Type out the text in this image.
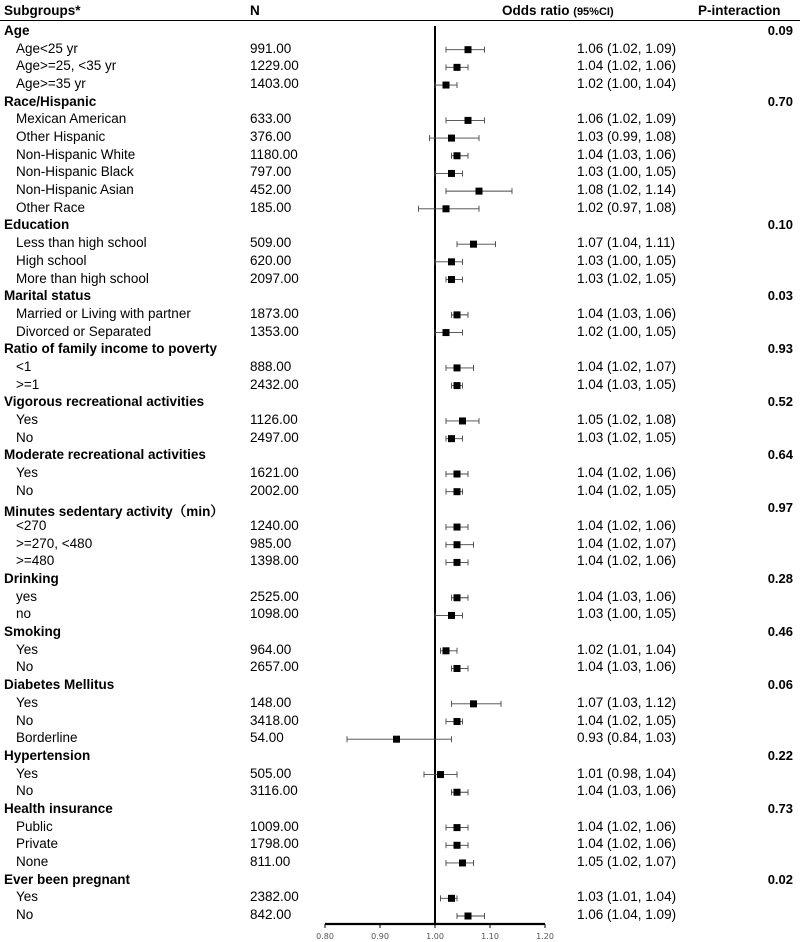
Subgroups*	N	Odds ratio (95%CI)	P-interaction
Age	0.09
Age<25 yr	991.00	1.06 (1.02, 1.09)
Age>=25, <35 yr	1229.00	1.04 (1.02, 1.06)
Age>=35 yr	1403.00	1.02 (1.00, 1.04)
Race/Hispanic	0.70
Mexican American	633.00	1.06 (1.02, 1.09)
Other Hispanic	376.00	1.03 (0.99, 1.08)
Non-Hispanic White	1180.00	1.04 (1.03, 1.06)
Non-Hispanic Black	797.00	1.03 (1.00, 1.05)
Non-Hispanic Asian	452.00	1.08 (1.02, 1.14)
Other Race	185.00	1.02 (0.97, 1.08)
Education	0.10
Less than high school	509.00	1.07 (1.04, 1.11)
High school	620.00	1.03 (1.00, 1.05)
More than high school	2097.00	1.03 (1.02, 1.05)
Marital status	0.03
Married or Living with partner	1873.00	1.04 (1.03, 1.06)
Divorced or Separated	1353.00	1.02 (1.00, 1.05)
Ratio of family income to poverty	0.93
<1	888.00	1.04 (1.02, 1.07)
>=1	2432.00	1.04 (1.03, 1.05)
Vigorous recreational activities	0.52
Yes	1126.00	1.05 (1.02, 1.08)
No	2497.00	1.03 (1.02, 1.05)
Moderate recreational activities	0.64
Yes	1621.00	1.04 (1.02, 1.06)
No	2002.00	1.04 (1.02, 1.05)
Minutes sedentary activity（min）	0.97
<270	1240.00	1.04 (1.02, 1.06)
>=270, <480	985.00	1.04 (1.02, 1.07)
>=480	1398.00	1.04 (1.02, 1.06)
Drinking	0.28
yes	2525.00	1.04 (1.03, 1.06)
no	1098.00	1.03 (1.00, 1.05)
Smoking	0.46
Yes	964.00	1.02 (1.01, 1.04)
No	2657.00	1.04 (1.03, 1.06)
Diabetes Mellitus	0.06
Yes	148.00	1.07 (1.03, 1.12)
No	3418.00	1.04 (1.02, 1.05)
Borderline	54.00	0.93 (0.84, 1.03)
Hypertension	0.22
Yes	505.00	1.01 (0.98, 1.04)
No	3116.00	1.04 (1.03, 1.06)
Health insurance	0.73
Public	1009.00	1.04 (1.02, 1.06)
Private	1798.00	1.04 (1.02, 1.06)
None	811.00	1.05 (1.02, 1.07)
Ever been pregnant	0.02
Yes	2382.00	1.03 (1.01, 1.04)
No	842.00	1.06 (1.04, 1.09)
0.80	0.90	1.00	1.10	1.20
